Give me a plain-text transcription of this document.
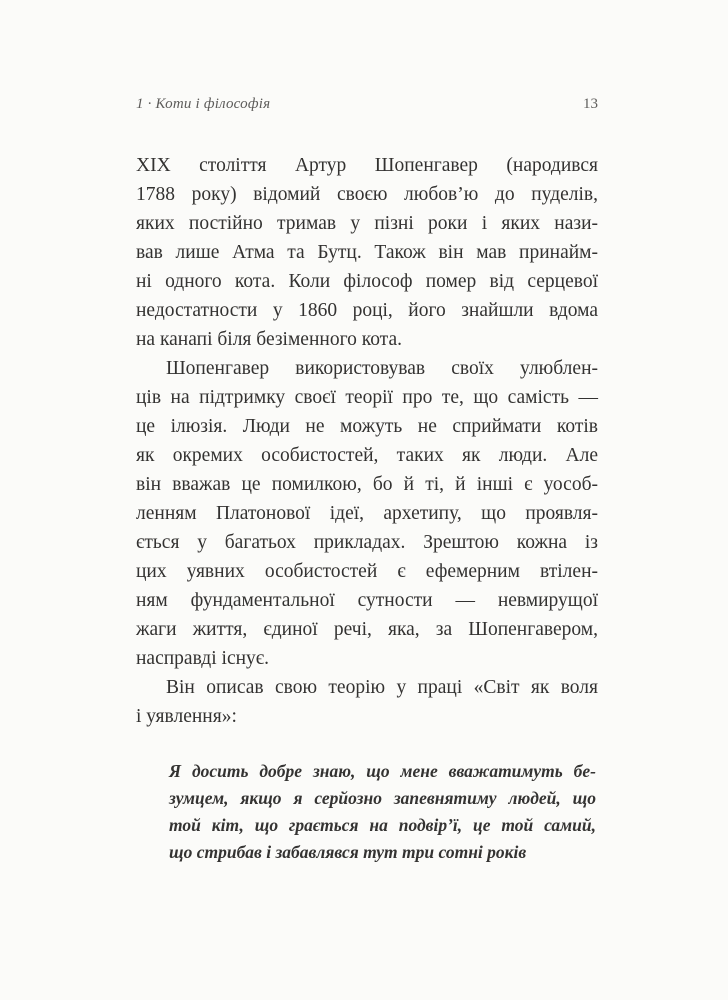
1 · Коти і філософія	13
XIX століття Артур Шопенгавер (народився
1788 року) відомий своєю любов’ю до пуделів,
яких постійно тримав у пізні роки і яких нази-
вав лише Атма та Бутц. Також він мав принайм-
ні одного кота. Коли філософ помер від серцевої
недостатности у 1860 році, його знайшли вдома
на канапі біля безіменного кота.
Шопенгавер використовував своїх улюблен-
ців на підтримку своєї теорії про те, що самість —
це ілюзія. Люди не можуть не сприймати котів
як окремих особистостей, таких як люди. Але
він вважав це помилкою, бо й ті, й інші є уособ-
ленням Платонової ідеї, архетипу, що проявля-
ється у багатьох прикладах. Зрештою кожна із
цих уявних особистостей є ефемерним втілен-
ням фундаментальної сутности — невмирущої
жаги життя, єдиної речі, яка, за Шопенгавером,
насправді існує.
Він описав свою теорію у праці «Світ як воля
і уявлення»:
Я досить добре знаю, що мене вважатимуть бе-
зумцем, якщо я серйозно запевнятиму людей, що
той кіт, що грається на подвір’ї, це той самий,
що стрибав і забавлявся тут три сотні років
